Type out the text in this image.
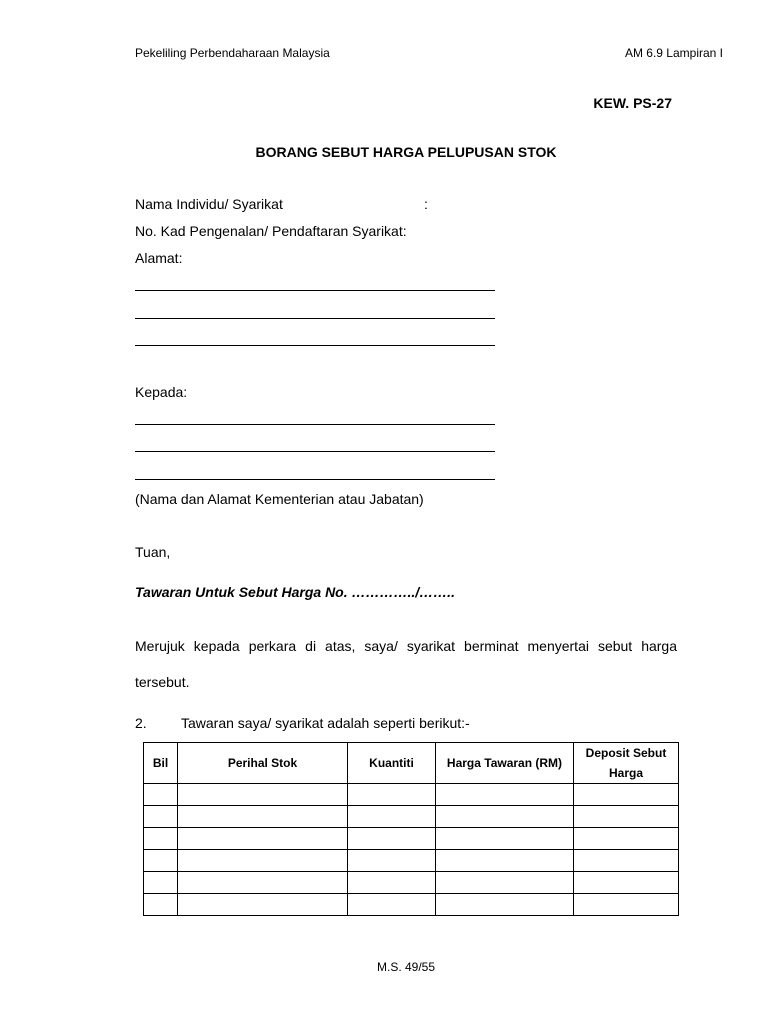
Pekeliling Perbendaharaan Malaysia	AM 6.9 Lampiran I
KEW. PS-27
BORANG SEBUT HARGA PELUPUSAN STOK
Nama Individu/ Syarikat	:
No. Kad Pengenalan/ Pendaftaran Syarikat:
Alamat:
Kepada:
(Nama dan Alamat Kementerian atau Jabatan)
Tuan,
Tawaran Untuk Sebut Harga No. …………../……..
Merujuk kepada perkara di atas, saya/ syarikat berminat menyertai sebut harga tersebut.
2. Tawaran saya/ syarikat adalah seperti berikut:-
Bil	Perihal Stok	Kuantiti	Harga Tawaran (RM)	Deposit Sebut Harga

M.S. 49/55
